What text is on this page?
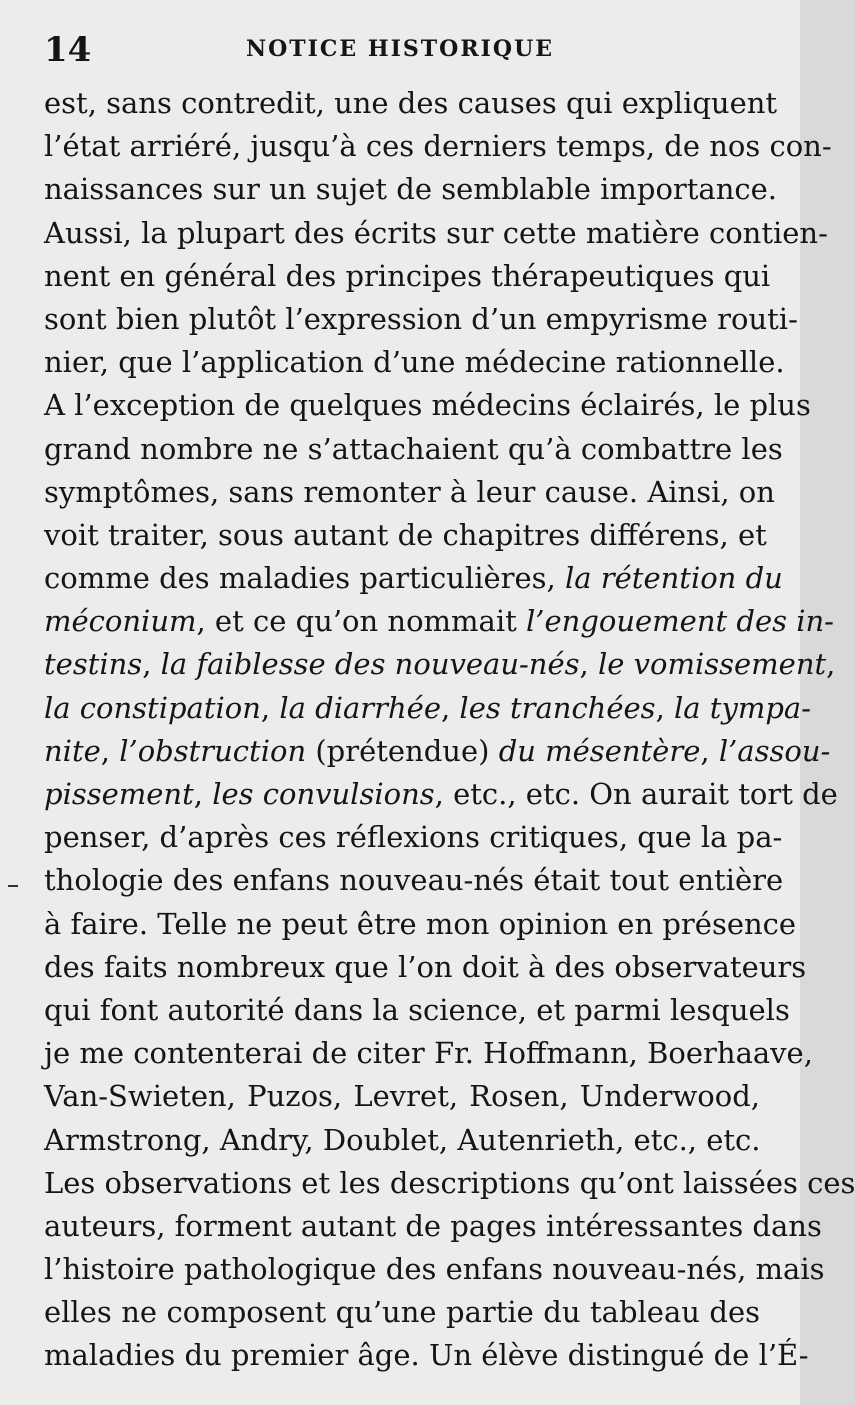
14	NOTICE HISTORIQUE
est, sans contredit, une des causes qui expliquent
l’état arriéré, jusqu’à ces derniers temps, de nos con-
naissances sur un sujet de semblable importance.
Aussi, la plupart des écrits sur cette matière contien-
nent en général des principes thérapeutiques qui
sont bien plutôt l’expression d’un empyrisme routi-
nier, que l’application d’une médecine rationnelle.
A l’exception de quelques médecins éclairés, le plus
grand nombre ne s’attachaient qu’à combattre les
symptômes, sans remonter à leur cause. Ainsi, on
voit traiter, sous autant de chapitres différens, et
comme des maladies particulières, la rétention du
méconium, et ce qu’on nommait l’engouement des in-
testins, la faiblesse des nouveau-nés, le vomissement,
la constipation, la diarrhée, les tranchées, la tympa-
nite, l’obstruction (prétendue) du mésentère, l’assou-
pissement, les convulsions, etc., etc. On aurait tort de
penser, d’après ces réflexions critiques, que la pa-
thologie des enfans nouveau-nés était tout entière
à faire. Telle ne peut être mon opinion en présence
des faits nombreux que l’on doit à des observateurs
qui font autorité dans la science, et parmi lesquels
je me contenterai de citer Fr. Hoffmann, Boerhaave,
Van-Swieten, Puzos, Levret, Rosen, Underwood,
Armstrong, Andry, Doublet, Autenrieth, etc., etc.
Les observations et les descriptions qu’ont laissées ces
auteurs, forment autant de pages intéressantes dans
l’histoire pathologique des enfans nouveau-nés, mais
elles ne composent qu’une partie du tableau des
maladies du premier âge. Un élève distingué de l’É-
